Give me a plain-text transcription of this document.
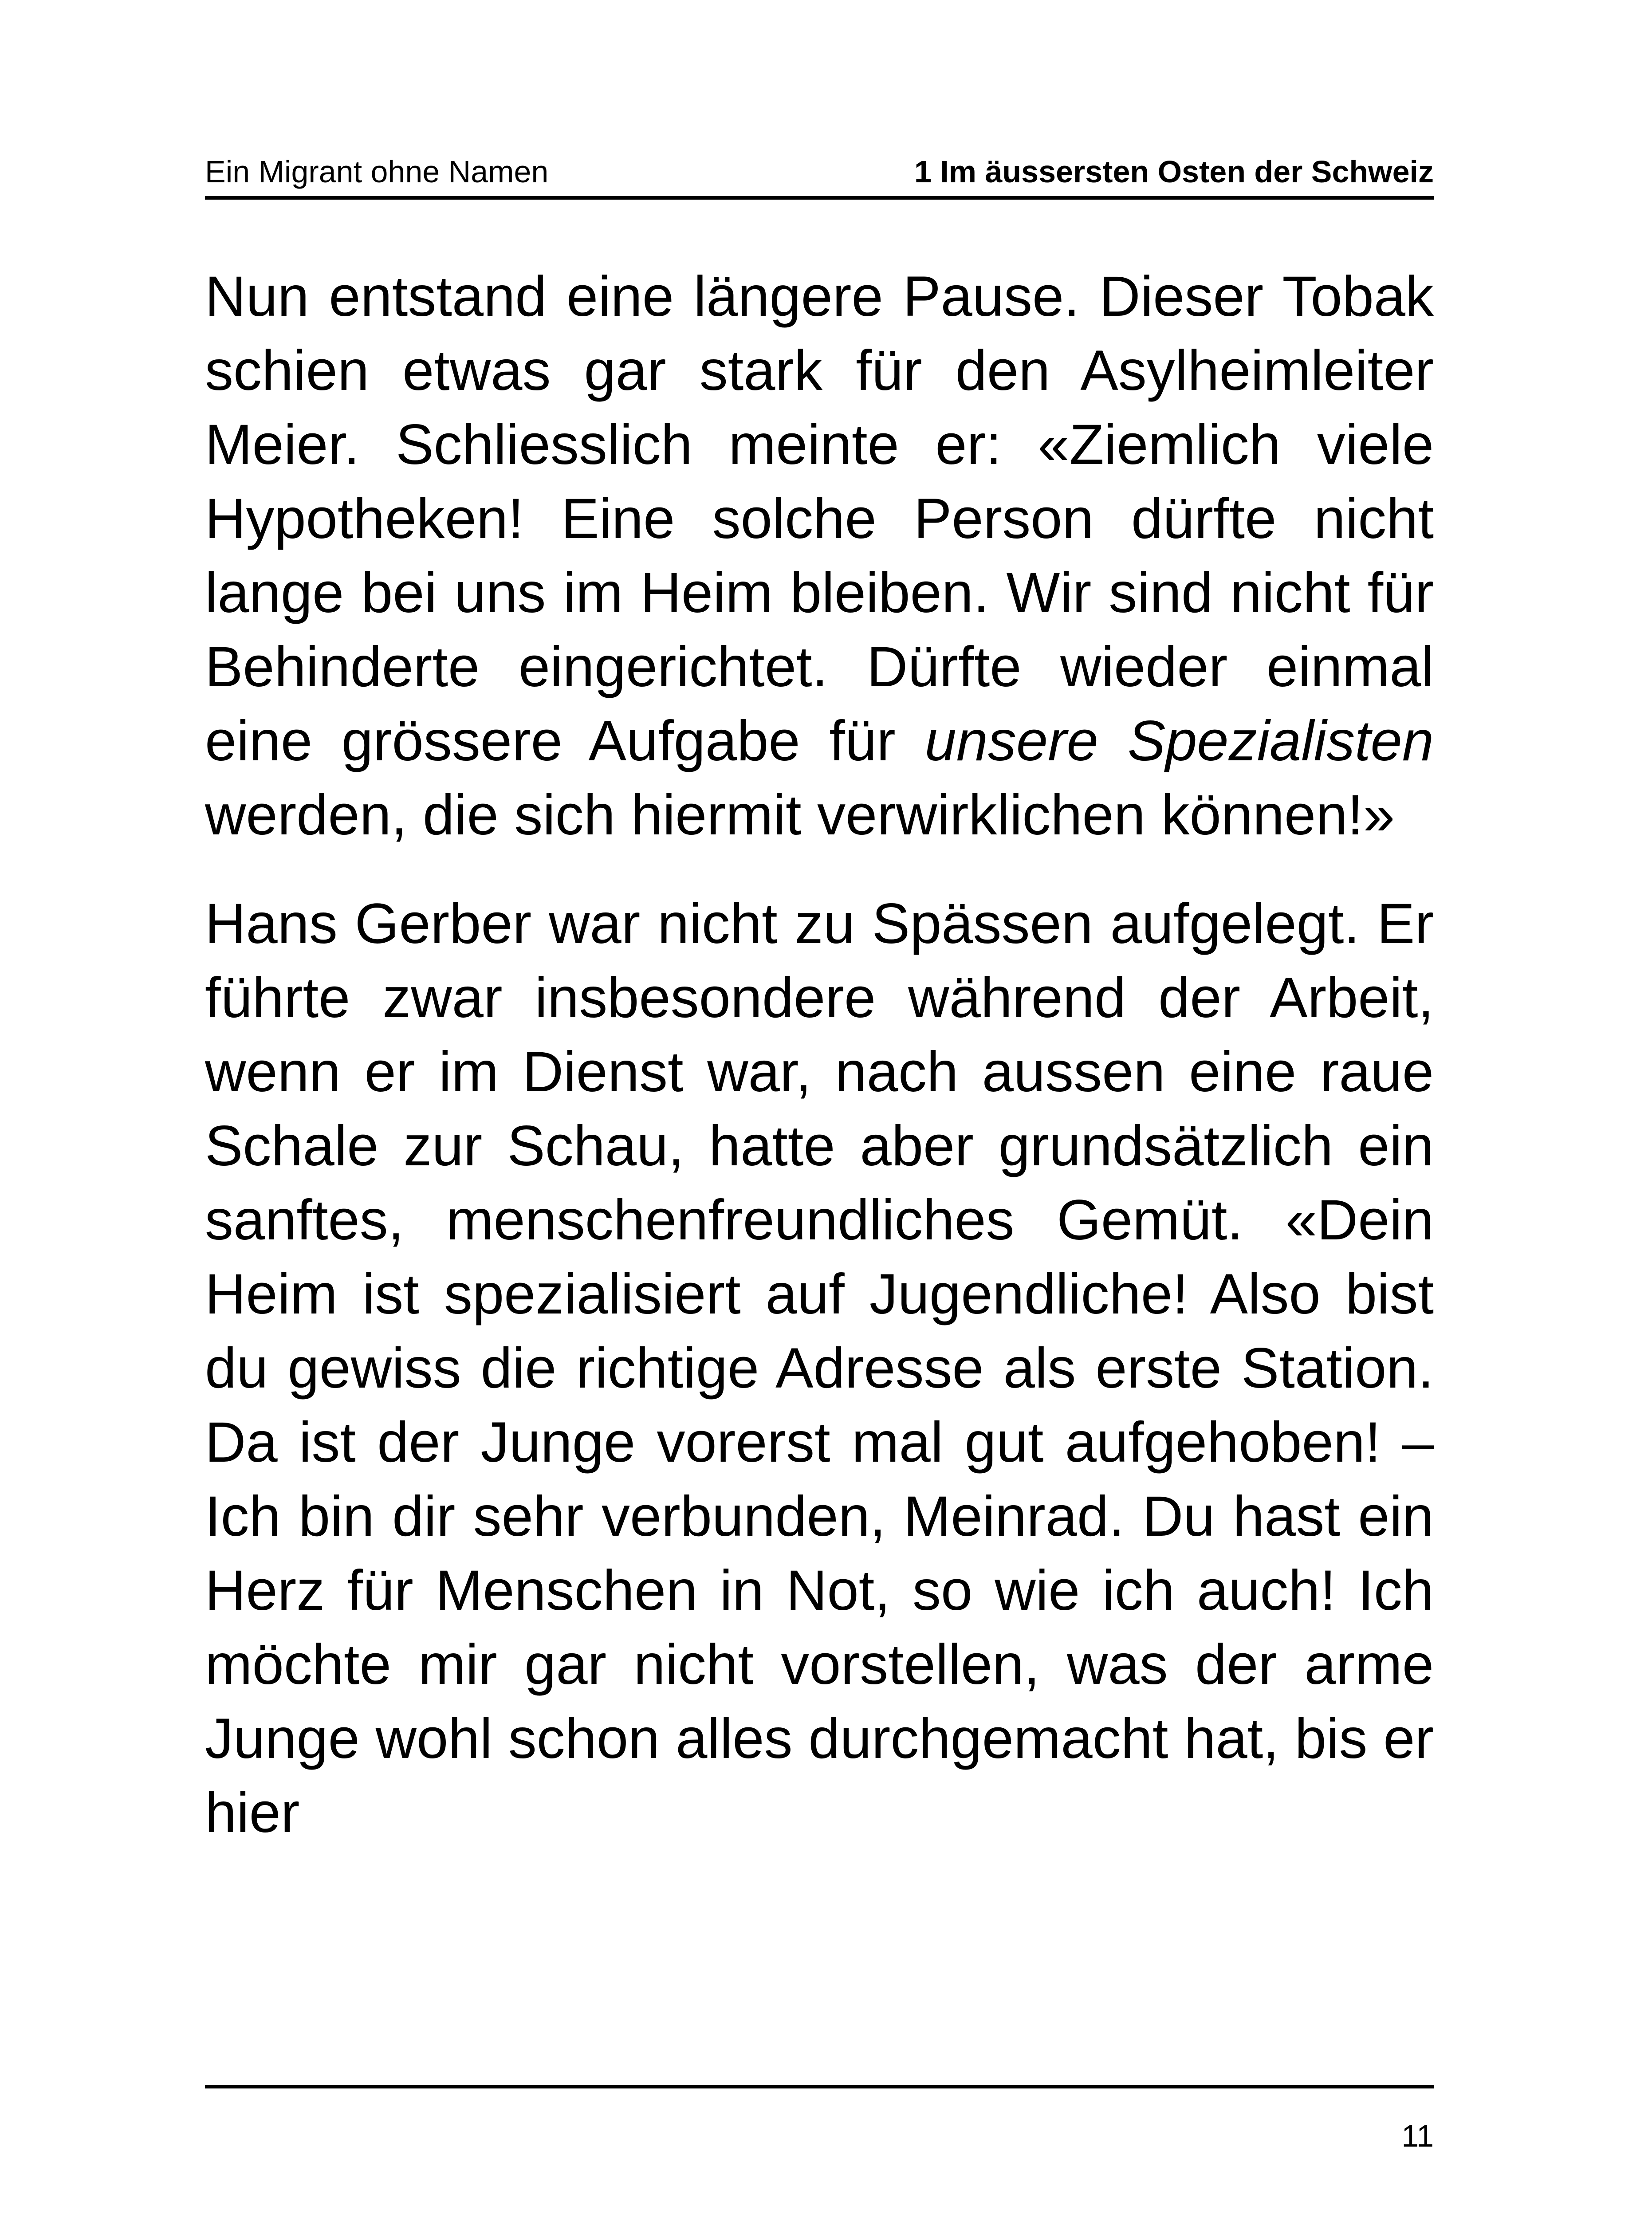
Ein Migrant ohne Namen	1 Im äussersten Osten der Schweiz

Nun entstand eine längere Pause. Dieser Tobak schien etwas gar stark für den Asylheimleiter Meier. Schliesslich meinte er: «Ziemlich viele Hypotheken! Eine solche Person dürfte nicht lange bei uns im Heim bleiben. Wir sind nicht für Behinderte eingerichtet. Dürfte wieder einmal eine grössere Aufgabe für unsere Spezialisten werden, die sich hiermit verwirklichen können!»

Hans Gerber war nicht zu Spässen aufgelegt. Er führte zwar insbesondere während der Arbeit, wenn er im Dienst war, nach aussen eine raue Schale zur Schau, hatte aber grundsätzlich ein sanftes, menschenfreundliches Gemüt. «Dein Heim ist spezialisiert auf Jugendliche! Also bist du gewiss die richtige Adresse als erste Station. Da ist der Junge vorerst mal gut aufgehoben! – Ich bin dir sehr verbunden, Meinrad. Du hast ein Herz für Menschen in Not, so wie ich auch! Ich möchte mir gar nicht vorstellen, was der arme Junge wohl schon alles durchgemacht hat, bis er hier

11
